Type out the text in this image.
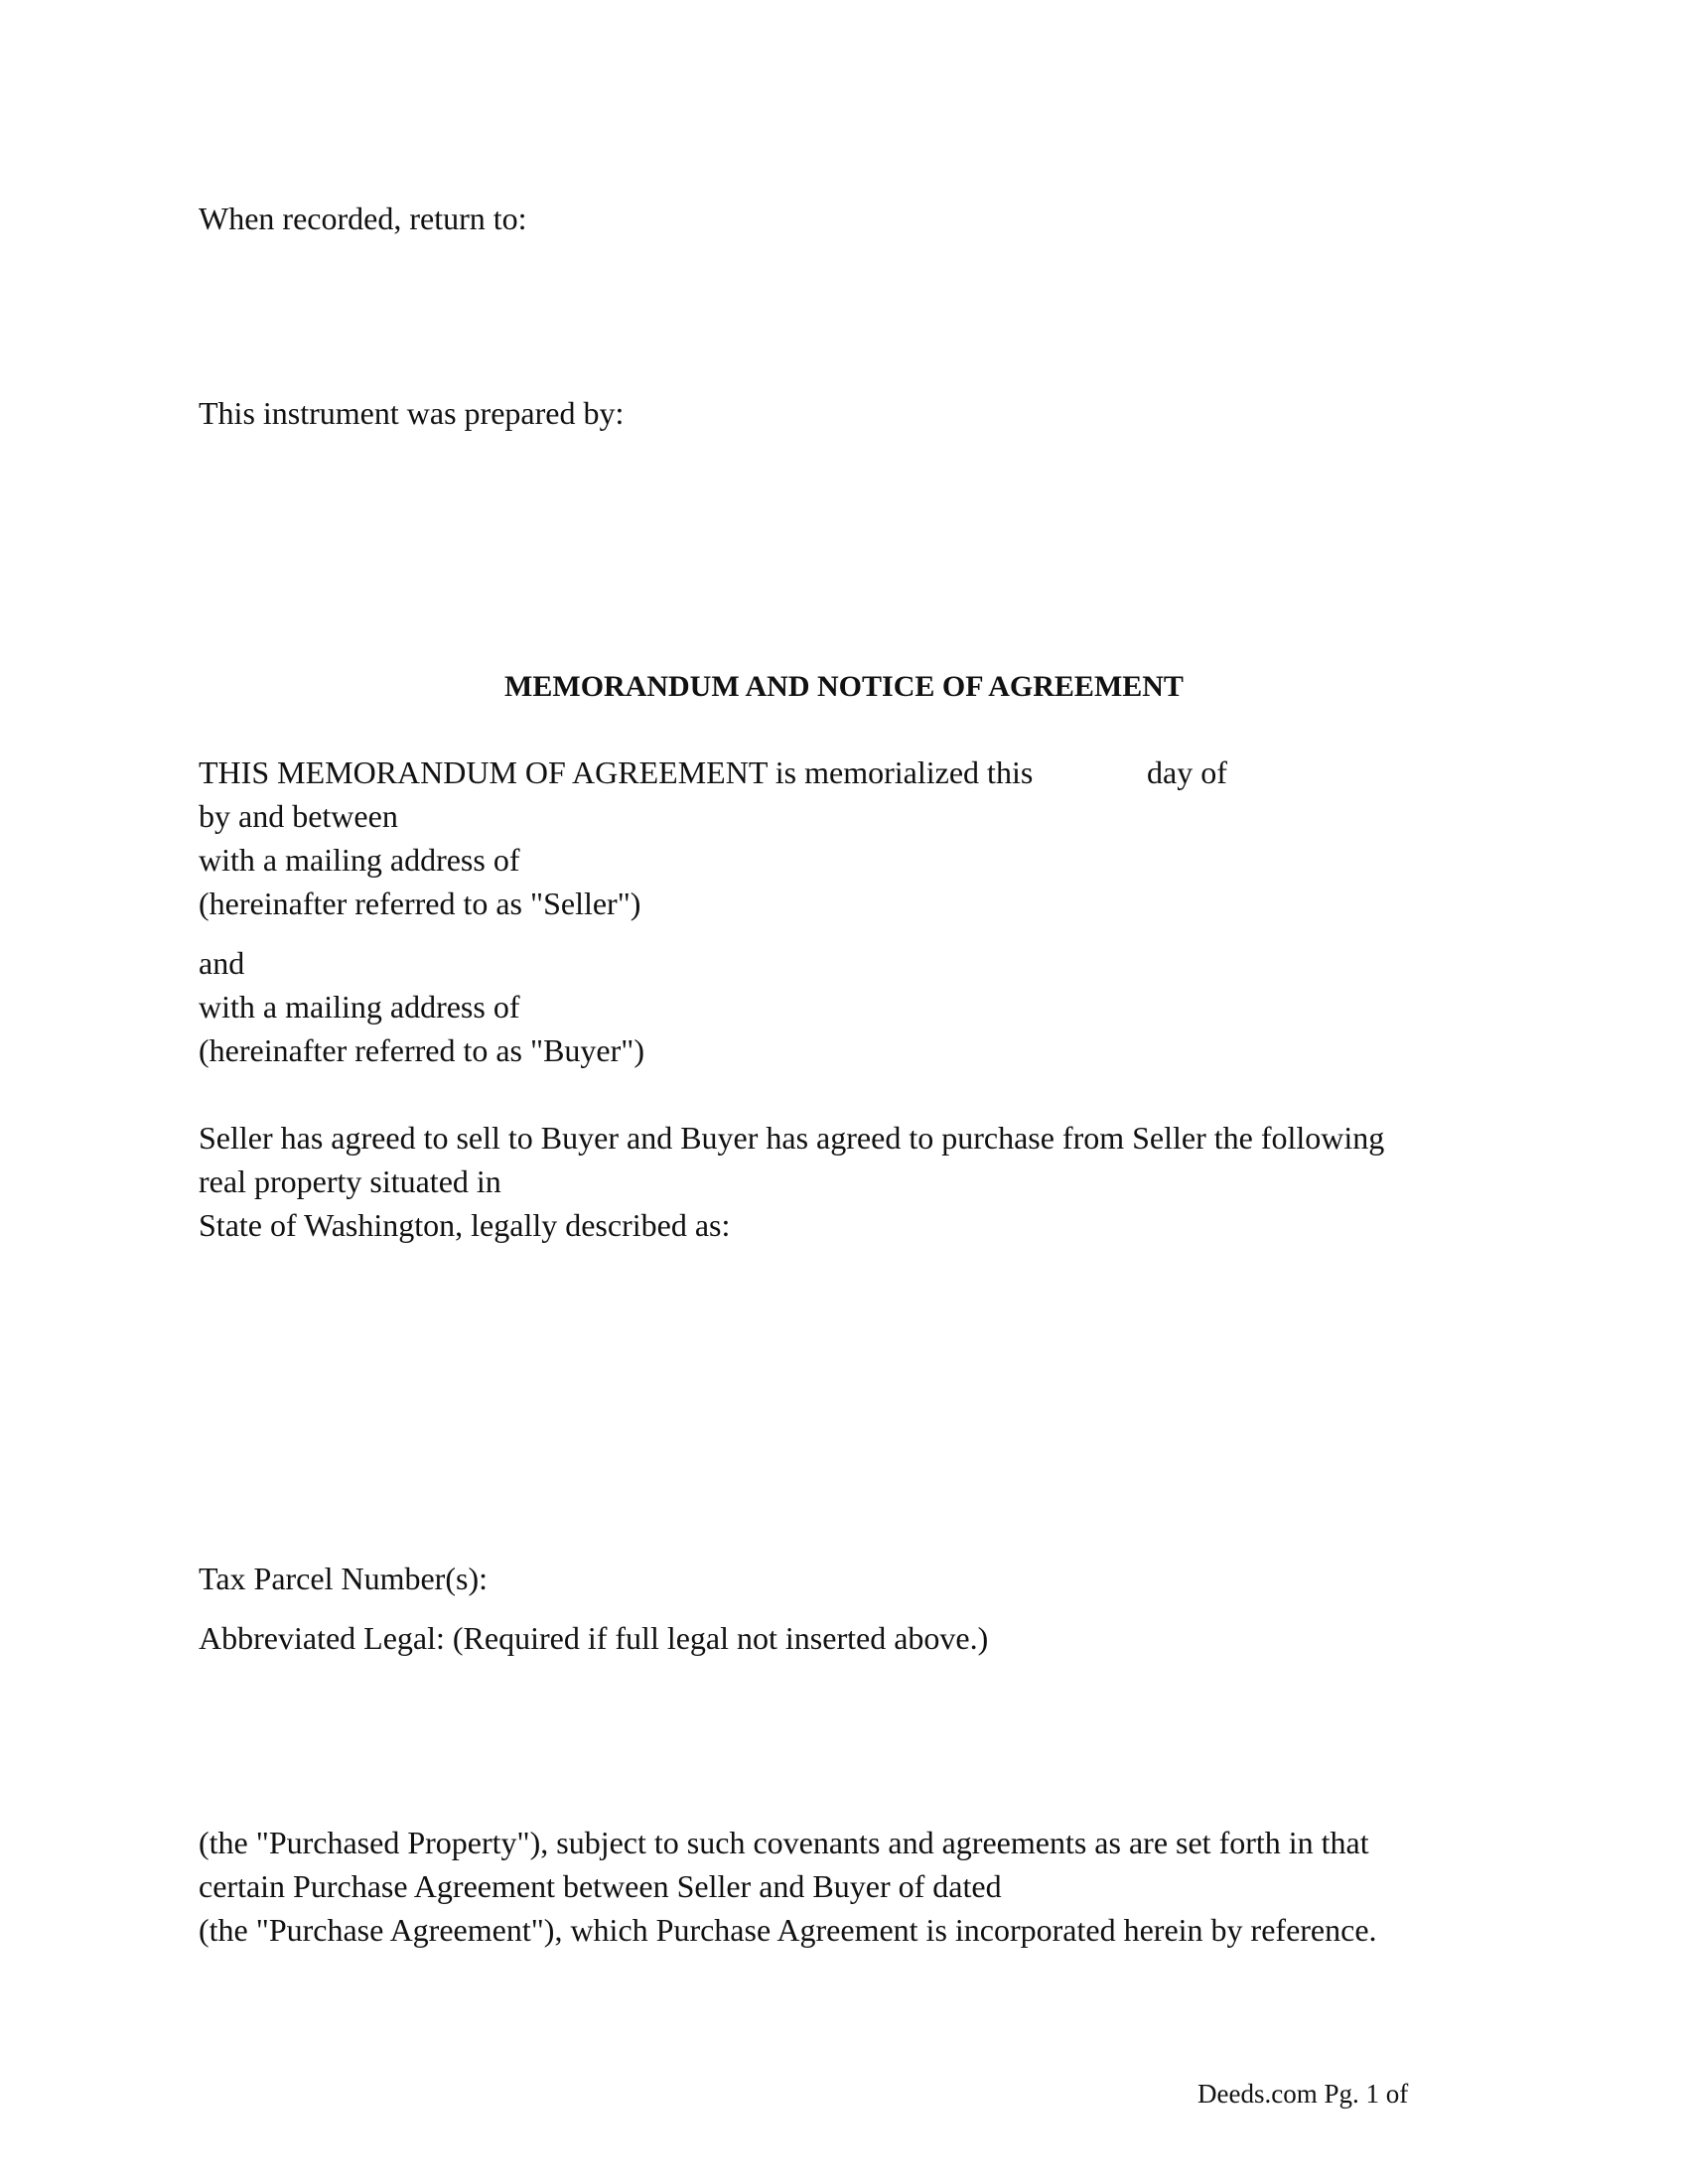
When recorded, return to:

This instrument was prepared by:

MEMORANDUM AND NOTICE OF AGREEMENT

THIS MEMORANDUM OF AGREEMENT is memorialized this	day of

by and between

with a mailing address of

(hereinafter referred to as "Seller")

and

with a mailing address of

(hereinafter referred to as "Buyer")

Seller has agreed to sell to Buyer and Buyer has agreed to purchase from Seller the following

real property situated in

State of Washington, legally described as:

Tax Parcel Number(s):

Abbreviated Legal: (Required if full legal not inserted above.)

(the "Purchased Property"), subject to such covenants and agreements as are set forth in that

certain Purchase Agreement between Seller and Buyer of dated

(the "Purchase Agreement"), which Purchase Agreement is incorporated herein by reference.

Deeds.com Pg. 1 of
